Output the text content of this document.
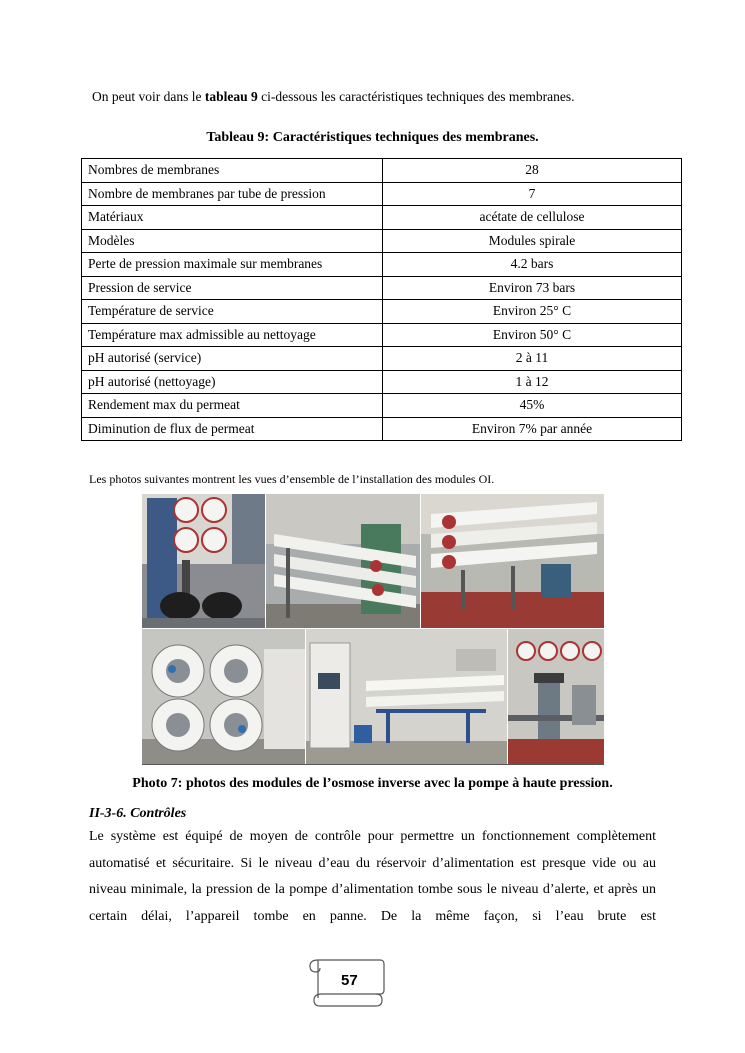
On peut voir dans le tableau 9 ci-dessous les caractéristiques techniques des membranes.
Tableau 9: Caractéristiques techniques des membranes.
Nombres de membranes	28
Nombre de membranes par tube de pression	7
Matériaux	acétate de cellulose
Modèles	Modules spirale
Perte de pression maximale sur membranes	4.2 bars
Pression de service	Environ 73 bars
Température de service	Environ 25° C
Température max admissible au nettoyage	Environ 50° C
pH autorisé (service)	2 à 11
pH autorisé (nettoyage)	1 à 12
Rendement max du permeat	45%
Diminution de flux de permeat	Environ 7% par année
Les photos suivantes montrent les vues d’ensemble de l’installation des modules OI.
Photo 7: photos des modules de l’osmose inverse avec la pompe à haute pression.
II-3-6. Contrôles
Le système est équipé de moyen de contrôle pour permettre un fonctionnement complètement automatisé et sécuritaire. Si le niveau d’eau du réservoir d’alimentation est presque vide ou au niveau minimale, la pression de la pompe d’alimentation tombe sous le niveau d’alerte, et après un certain délai, l’appareil tombe en panne. De la même façon, si l’eau brute est
57
